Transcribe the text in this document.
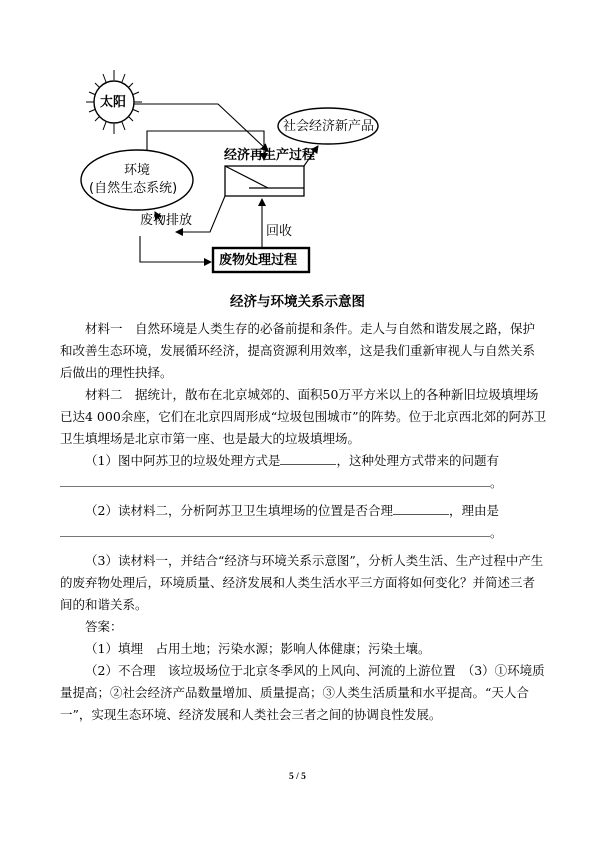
太阳
环境
(自然生态系统)
社会经济新产品
经济再生产过程
废物排放
回收
废物处理过程
经济与环境关系示意图

材料一　自然环境是人类生存的必备前提和条件。走人与自然和谐发展之路，保护和改善生态环境，发展循环经济，提高资源利用效率，这是我们重新审视人与自然关系后做出的理性抉择。

材料二　据统计，散布在北京城郊的、面积50万平方米以上的各种新旧垃圾填埋场已达4 000余座，它们在北京四周形成“垃圾包围城市”的阵势。位于北京西北郊的阿苏卫卫生填埋场是北京市第一座、也是最大的垃圾填埋场。

（1）图中阿苏卫的垃圾处理方式是	，这种处理方式带来的问题有

。

（2）读材料二，分析阿苏卫卫生填埋场的位置是否合理	，理由是

。

（3）读材料一，并结合“经济与环境关系示意图”，分析人类生活、生产过程中产生的废弃物处理后，环境质量、经济发展和人类生活水平三方面将如何变化？并简述三者间的和谐关系。

答案：

（1）填埋　占用土地；污染水源；影响人体健康；污染土壤。

（2）不合理　该垃圾场位于北京冬季风的上风向、河流的上游位置　（3）①环境质量提高；②社会经济产品数量增加、质量提高；③人类生活质量和水平提高。“天人合一”，实现生态环境、经济发展和人类社会三者之间的协调良性发展。

5 / 5
